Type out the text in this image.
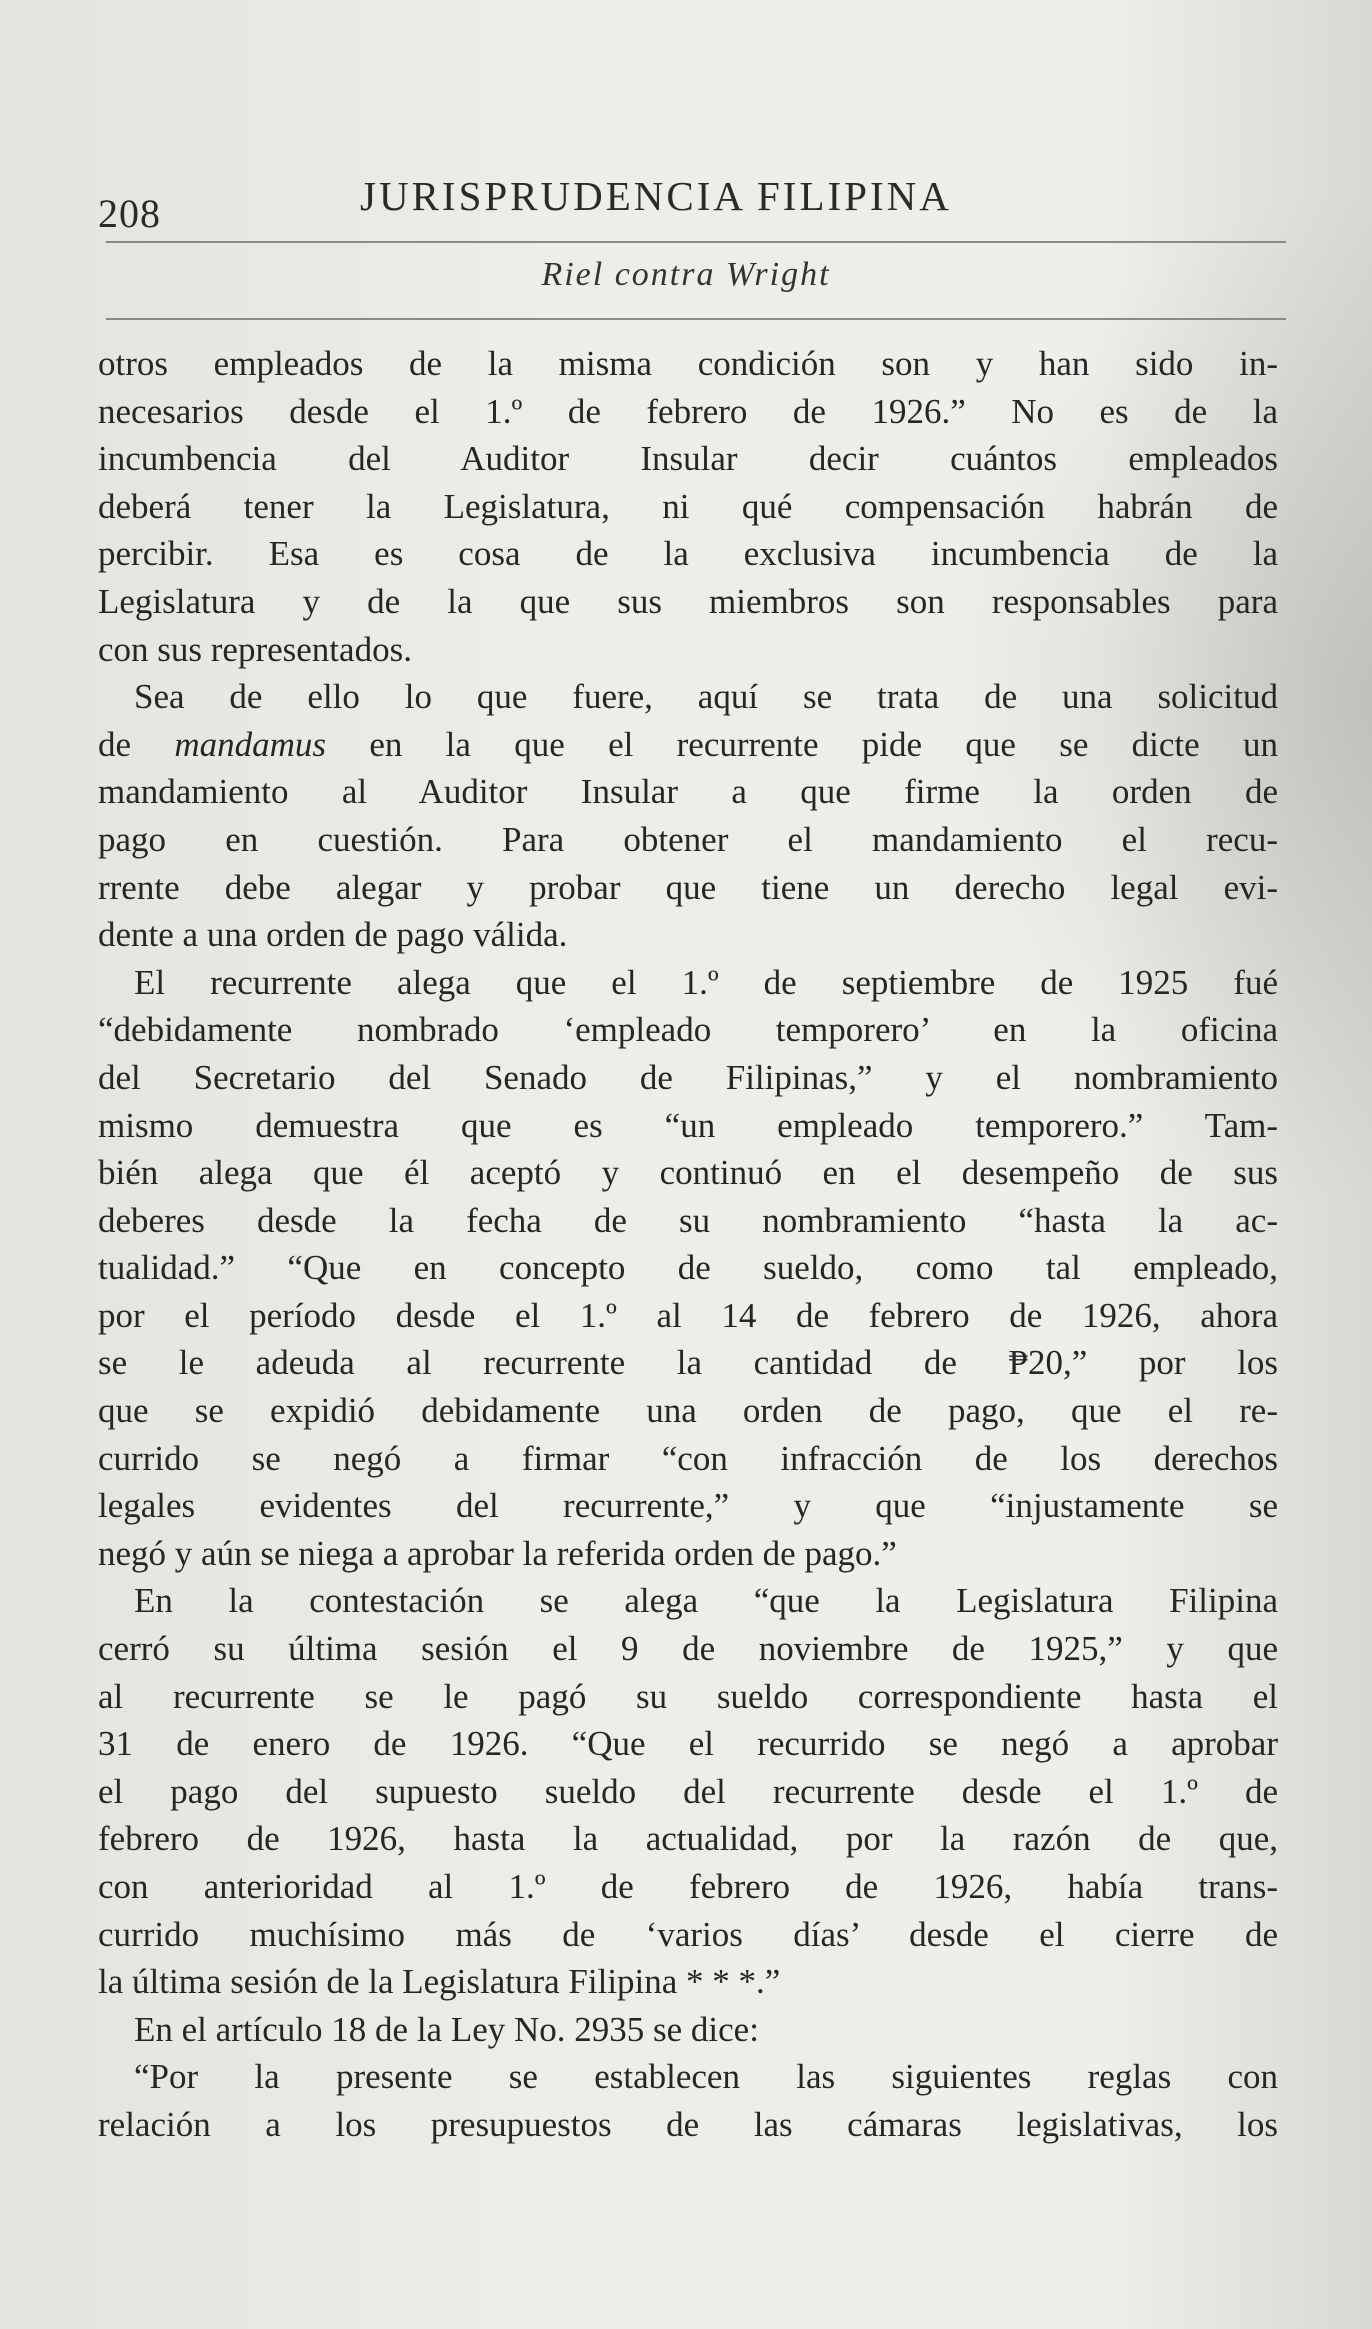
208	JURISPRUDENCIA FILIPINA
Riel contra Wright
otros empleados de la misma condición son y han sido in-
necesarios desde el 1.º de febrero de 1926.” No es de la
incumbencia del Auditor Insular decir cuántos empleados
deberá tener la Legislatura, ni qué compensación habrán de
percibir. Esa es cosa de la exclusiva incumbencia de la
Legislatura y de la que sus miembros son responsables para
con sus representados.
Sea de ello lo que fuere, aquí se trata de una solicitud
de mandamus en la que el recurrente pide que se dicte un
mandamiento al Auditor Insular a que firme la orden de
pago en cuestión. Para obtener el mandamiento el recu-
rrente debe alegar y probar que tiene un derecho legal evi-
dente a una orden de pago válida.
El recurrente alega que el 1.º de septiembre de 1925 fué
“debidamente nombrado ‘empleado temporero’ en la oficina
del Secretario del Senado de Filipinas,” y el nombramiento
mismo demuestra que es “un empleado temporero.” Tam-
bién alega que él aceptó y continuó en el desempeño de sus
deberes desde la fecha de su nombramiento “hasta la ac-
tualidad.” “Que en concepto de sueldo, como tal empleado,
por el período desde el 1.º al 14 de febrero de 1926, ahora
se le adeuda al recurrente la cantidad de ₱20,” por los
que se expidió debidamente una orden de pago, que el re-
currido se negó a firmar “con infracción de los derechos
legales evidentes del recurrente,” y que “injustamente se
negó y aún se niega a aprobar la referida orden de pago.”
En la contestación se alega “que la Legislatura Filipina
cerró su última sesión el 9 de noviembre de 1925,” y que
al recurrente se le pagó su sueldo correspondiente hasta el
31 de enero de 1926. “Que el recurrido se negó a aprobar
el pago del supuesto sueldo del recurrente desde el 1.º de
febrero de 1926, hasta la actualidad, por la razón de que,
con anterioridad al 1.º de febrero de 1926, había trans-
currido muchísimo más de ‘varios días’ desde el cierre de
la última sesión de la Legislatura Filipina * * *.”
En el artículo 18 de la Ley No. 2935 se dice:
“Por la presente se establecen las siguientes reglas con
relación a los presupuestos de las cámaras legislativas, los
